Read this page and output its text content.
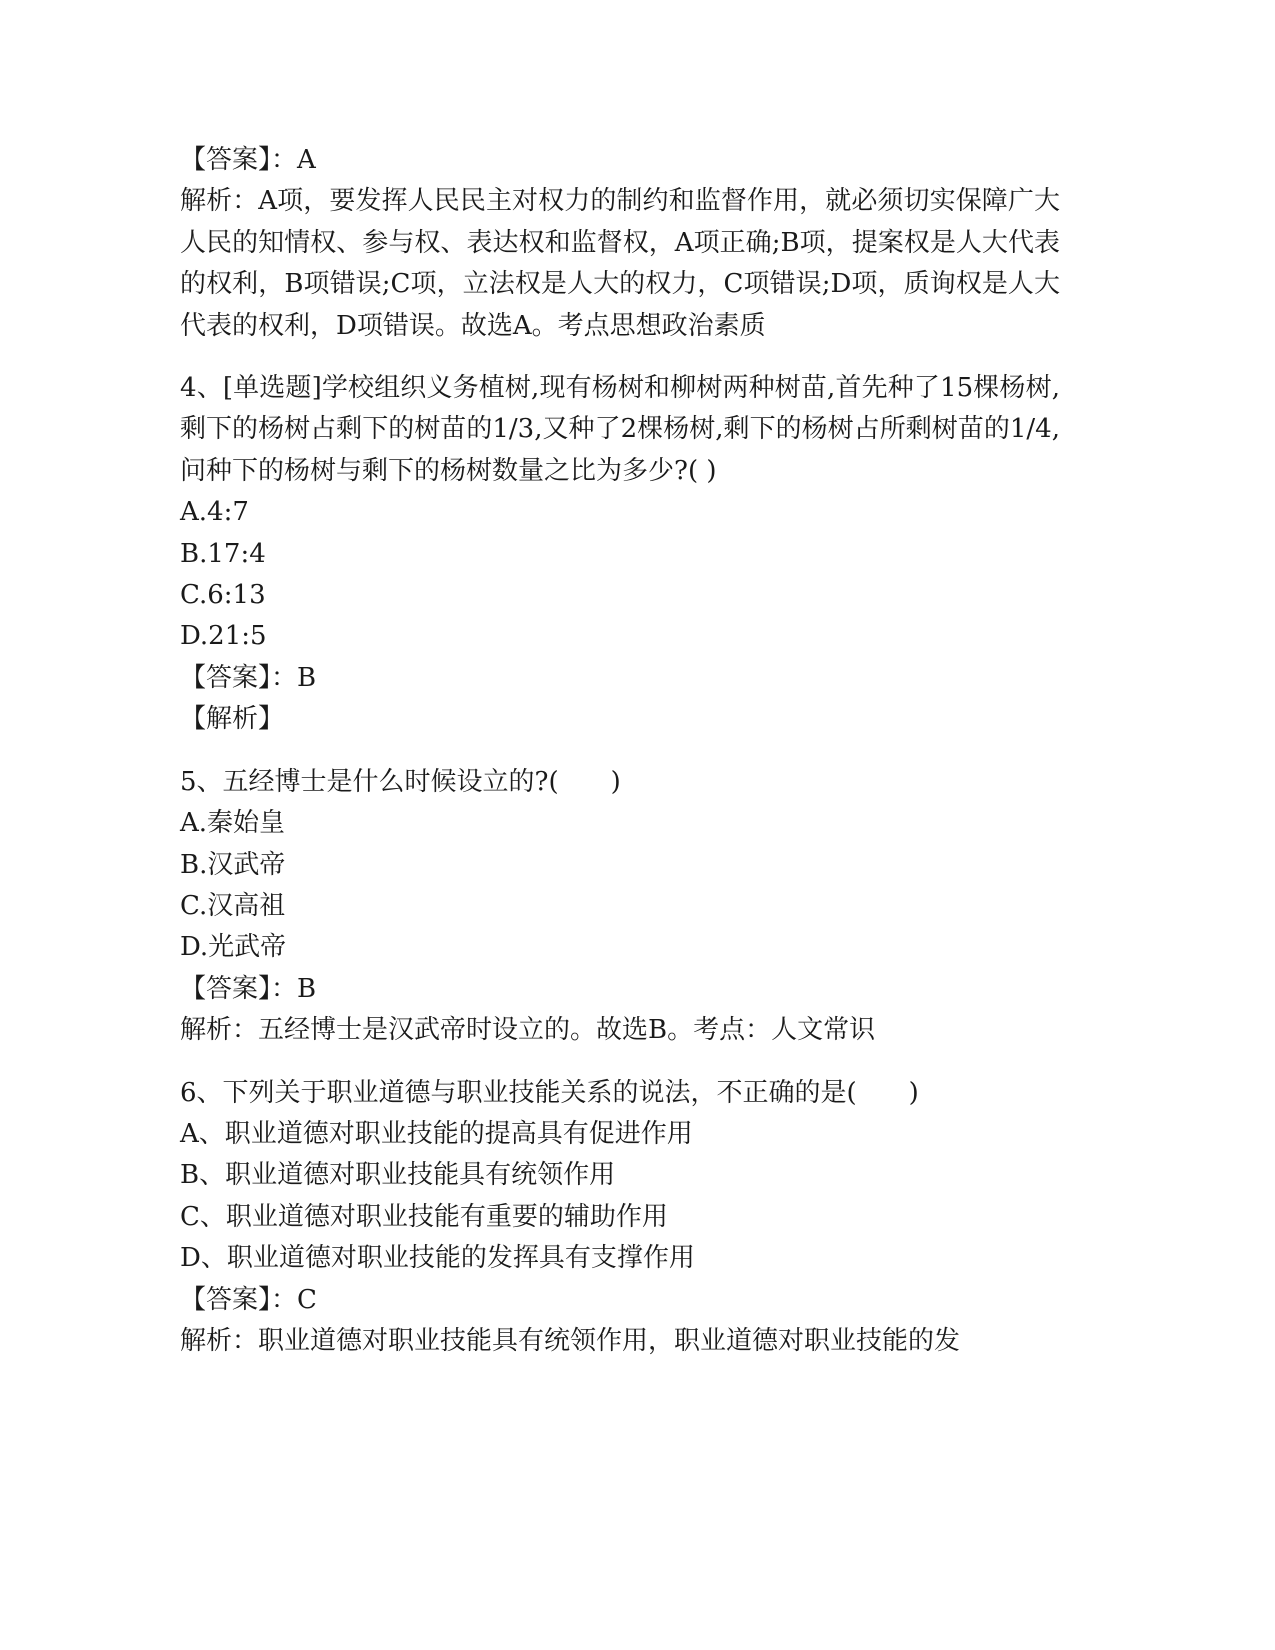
【答案】：A

解析：A项，要发挥人民民主对权力的制约和监督作用，就必须切实保障广大人民的知情权、参与权、表达权和监督权，A项正确;B项，提案权是人大代表的权利，B项错误;C项，立法权是人大的权力，C项错误;D项，质询权是人大代表的权利，D项错误。故选A。考点思想政治素质

4、[单选题]学校组织义务植树,现有杨树和柳树两种树苗,首先种了15棵杨树,剩下的杨树占剩下的树苗的1/3,又种了2棵杨树,剩下的杨树占所剩树苗的1/4,问种下的杨树与剩下的杨树数量之比为多少?( )

A.4:7

B.17:4

C.6:13

D.21:5

【答案】：B

【解析】

5、五经博士是什么时候设立的?(　　)

A.秦始皇

B.汉武帝

C.汉高祖

D.光武帝

【答案】：B

解析：五经博士是汉武帝时设立的。故选B。考点：人文常识

6、下列关于职业道德与职业技能关系的说法，不正确的是(　　)

A、职业道德对职业技能的提高具有促进作用

B、职业道德对职业技能具有统领作用

C、职业道德对职业技能有重要的辅助作用

D、职业道德对职业技能的发挥具有支撑作用

【答案】：C

解析：职业道德对职业技能具有统领作用，职业道德对职业技能的发
